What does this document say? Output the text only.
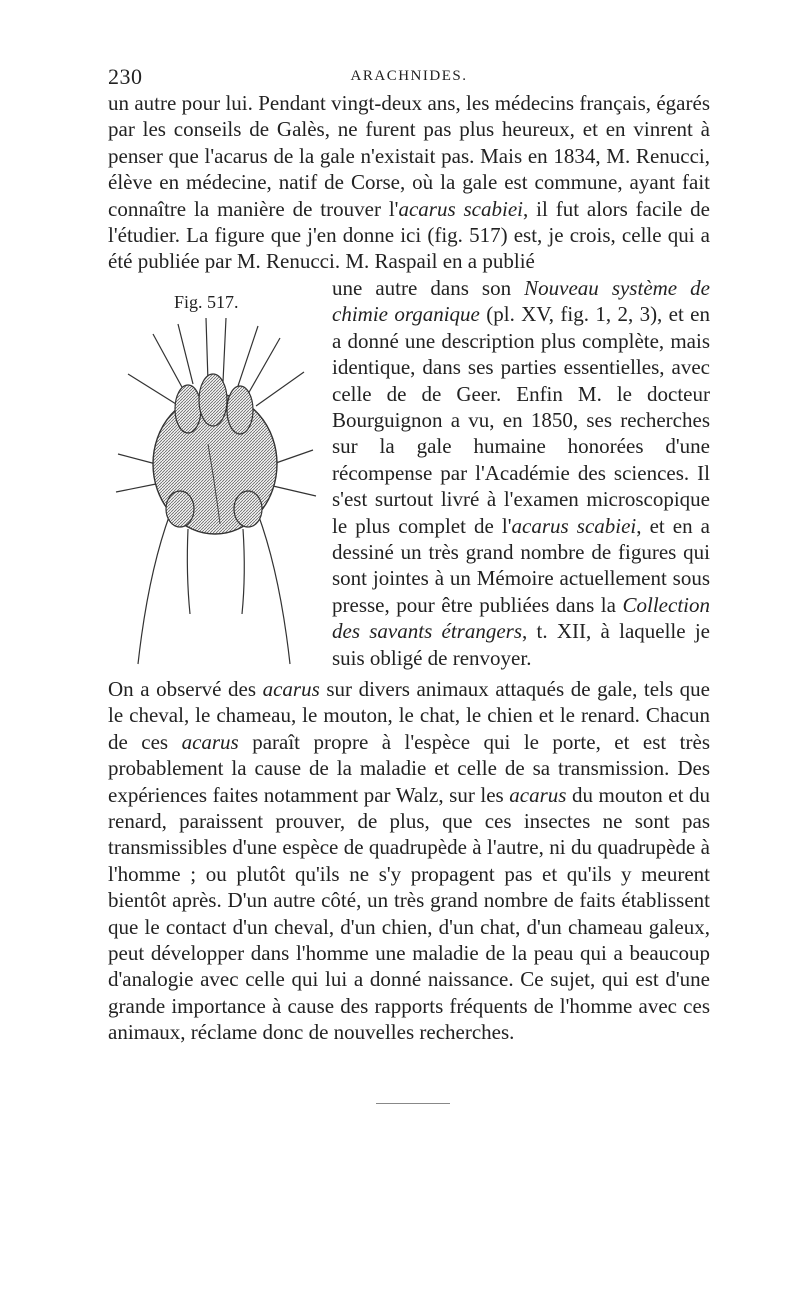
230	ARACHNIDES.

un autre pour lui. Pendant vingt-deux ans, les médecins français, égarés par les conseils de Galès, ne furent pas plus heureux, et en vinrent à penser que l'acarus de la gale n'existait pas. Mais en 1834, M. Renucci, élève en médecine, natif de Corse, où la gale est commune, ayant fait connaître la manière de trouver l'acarus scabiei, il fut alors facile de l'étudier. La figure que j'en donne ici (fig. 517) est, je crois, celle qui a été publiée par M. Renucci. M. Raspail en a publié

Fig. 517.

une autre dans son Nouveau système de chimie organique (pl. XV, fig. 1, 2, 3), et en a donné une description plus complète, mais identique, dans ses parties essentielles, avec celle de de Geer. Enfin M. le docteur Bourguignon a vu, en 1850, ses recherches sur la gale humaine honorées d'une récompense par l'Académie des sciences. Il s'est surtout livré à l'examen microscopique le plus complet de l'acarus scabiei, et en a dessiné un très grand nombre de figures qui sont jointes à un Mémoire actuellement sous presse, pour être publiées dans la Collection des savants étrangers, t. XII, à laquelle je suis obligé de renvoyer.

On a observé des acarus sur divers animaux attaqués de gale, tels que le cheval, le chameau, le mouton, le chat, le chien et le renard. Chacun de ces acarus paraît propre à l'espèce qui le porte, et est très probablement la cause de la maladie et celle de sa transmission. Des expériences faites notamment par Walz, sur les acarus du mouton et du renard, paraissent prouver, de plus, que ces insectes ne sont pas transmissibles d'une espèce de quadrupède à l'autre, ni du quadrupède à l'homme ; ou plutôt qu'ils ne s'y propagent pas et qu'ils y meurent bientôt après. D'un autre côté, un très grand nombre de faits établissent que le contact d'un cheval, d'un chien, d'un chat, d'un chameau galeux, peut développer dans l'homme une maladie de la peau qui a beaucoup d'analogie avec celle qui lui a donné naissance. Ce sujet, qui est d'une grande importance à cause des rapports fréquents de l'homme avec ces animaux, réclame donc de nouvelles recherches.
